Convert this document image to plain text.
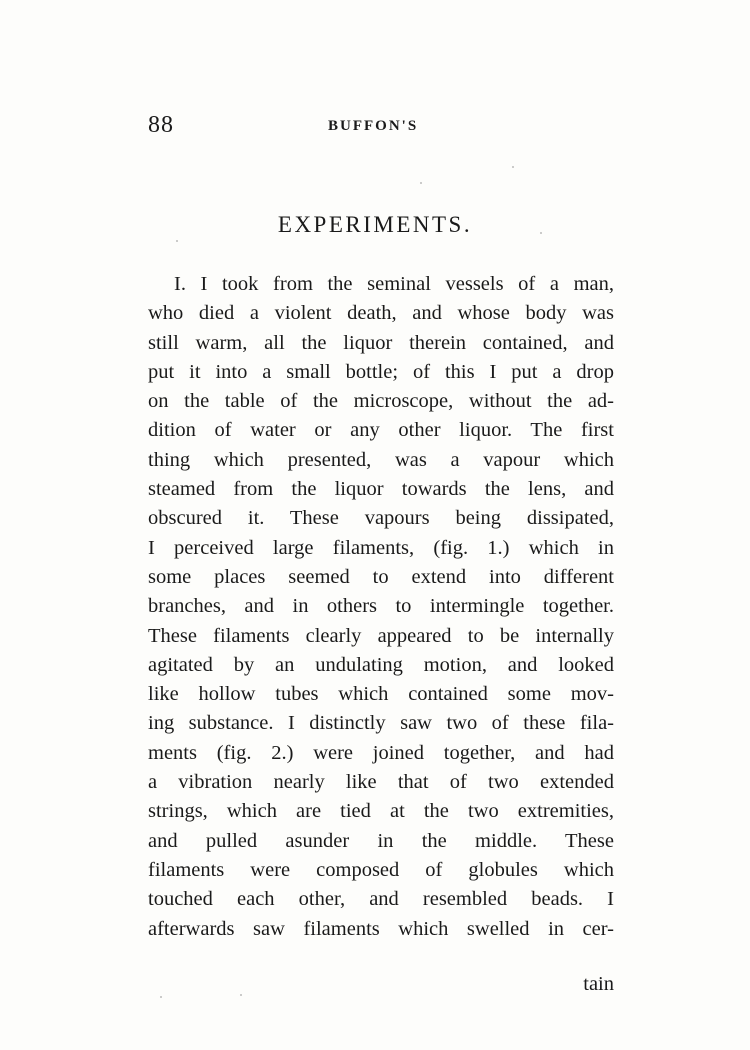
88	BUFFON'S
EXPERIMENTS.
I. I took from the seminal vessels of a man,
who died a violent death, and whose body was
still warm, all the liquor therein contained, and
put it into a small bottle; of this I put a drop
on the table of the microscope, without the ad-
dition of water or any other liquor. The first
thing which presented, was a vapour which
steamed from the liquor towards the lens, and
obscured it. These vapours being dissipated,
I perceived large filaments, (fig. 1.) which in
some places seemed to extend into different
branches, and in others to intermingle together.
These filaments clearly appeared to be internally
agitated by an undulating motion, and looked
like hollow tubes which contained some mov-
ing substance. I distinctly saw two of these fila-
ments (fig. 2.) were joined together, and had
a vibration nearly like that of two extended
strings, which are tied at the two extremities,
and pulled asunder in the middle. These
filaments were composed of globules which
touched each other, and resembled beads. I
afterwards saw filaments which swelled in cer-
tain
